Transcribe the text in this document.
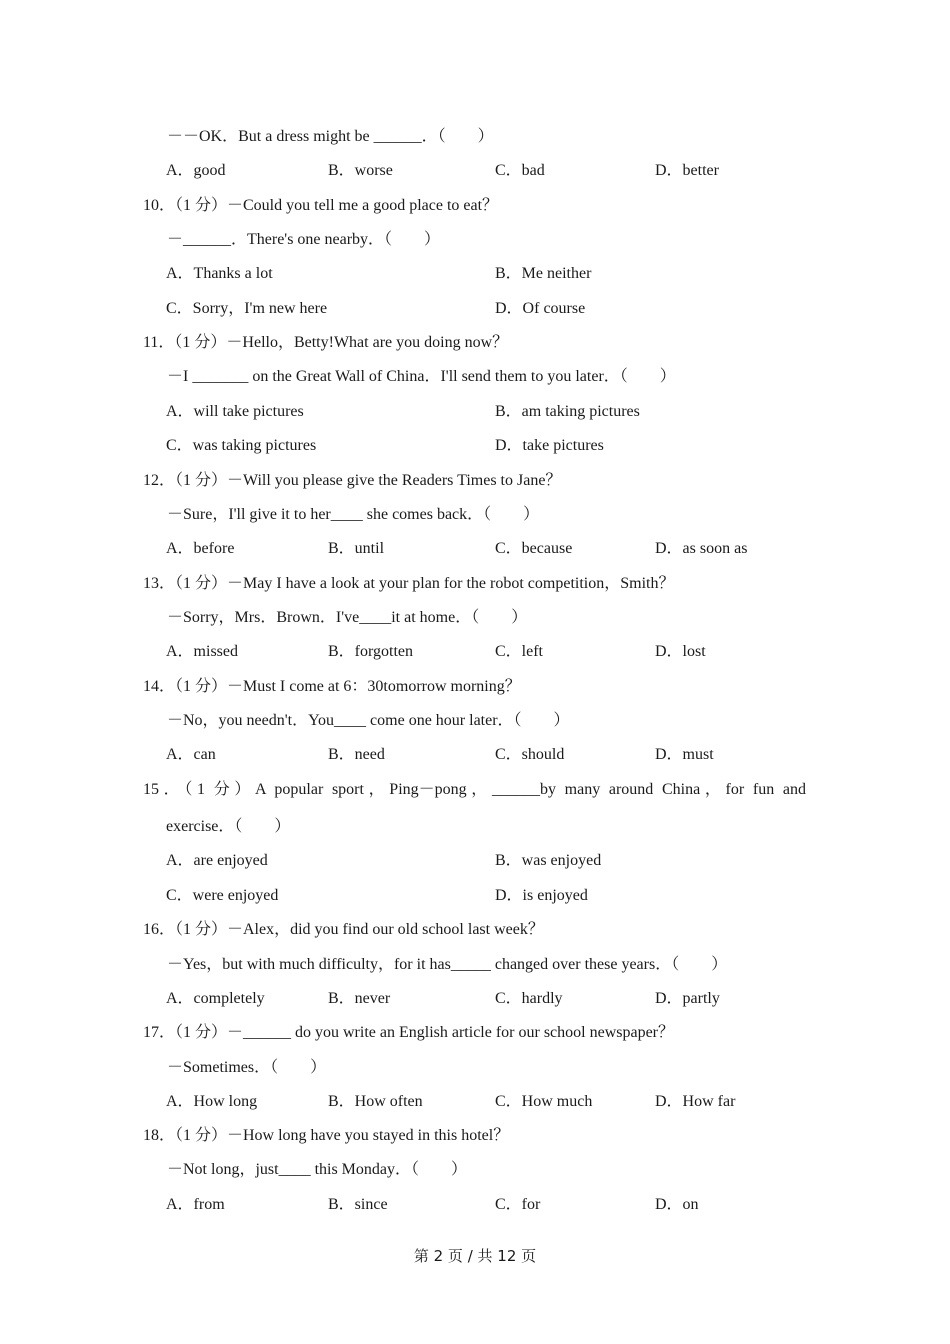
－－OK．But a dress might be ______．（　　）
A．good	B．worse	C．bad	D．better
10．（1 分）－Could you tell me a good place to eat？
－______．There's one nearby．（　　）
A．Thanks a lot	B．Me neither
C．Sorry，I'm new here	D．Of course
11．（1 分）－Hello，Betty!What are you doing now？
－I _______ on the Great Wall of China．I'll send them to you later．（　　）
A．will take pictures	B．am taking pictures
C．was taking pictures	D．take pictures
12．（1 分）－Will you please give the Readers Times to Jane？
－Sure，I'll give it to her____ she comes back．（　　）
A．before	B．until	C．because	D．as soon as
13．（1 分）－May I have a look at your plan for the robot competition，Smith？
－Sorry，Mrs．Brown．I've____it at home．（　　）
A．missed	B．forgotten	C．left	D．lost
14．（1 分）－Must I come at 6：30tomorrow morning？
－No，you needn't．You____ come one hour later．（　　）
A．can	B．need	C．should	D．must
15．（1 分）A popular sport，Ping－pong，______by many around China，for fun and
exercise．（　　）
A．are enjoyed	B．was enjoyed
C．were enjoyed	D．is enjoyed
16．（1 分）－Alex，did you find our old school last week？
－Yes，but with much difficulty，for it has_____ changed over these years．（　　）
A．completely	B．never	C．hardly	D．partly
17．（1 分）－______ do you write an English article for our school newspaper？
－Sometimes．（　　）
A．How long	B．How often	C．How much	D．How far
18．（1 分）－How long have you stayed in this hotel？
－Not long，just____ this Monday．（　　）
A．from	B．since	C．for	D．on
第 2 页 / 共 12 页
